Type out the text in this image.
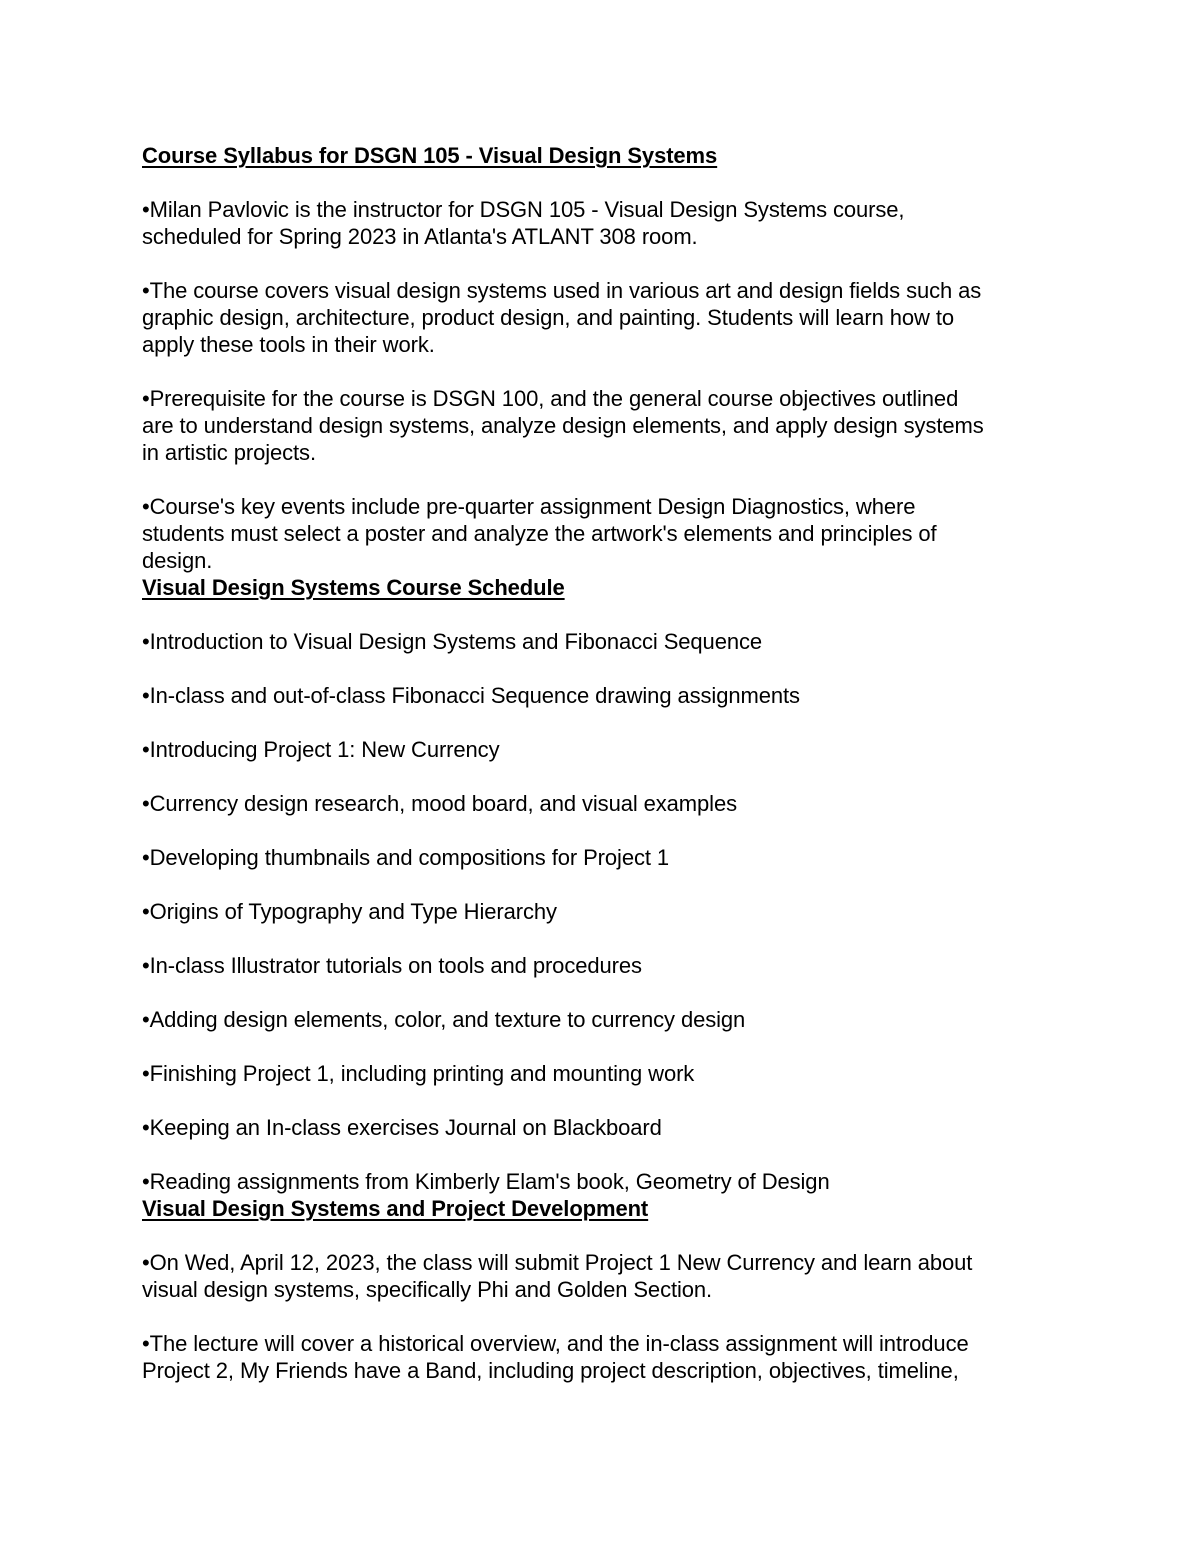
Course Syllabus for DSGN 105 - Visual Design Systems
•Milan Pavlovic is the instructor for DSGN 105 - Visual Design Systems course,
scheduled for Spring 2023 in Atlanta's ATLANT 308 room.
•The course covers visual design systems used in various art and design fields such as
graphic design, architecture, product design, and painting. Students will learn how to
apply these tools in their work.
•Prerequisite for the course is DSGN 100, and the general course objectives outlined
are to understand design systems, analyze design elements, and apply design systems
in artistic projects.
•Course's key events include pre-quarter assignment Design Diagnostics, where
students must select a poster and analyze the artwork's elements and principles of
design.
Visual Design Systems Course Schedule
•Introduction to Visual Design Systems and Fibonacci Sequence
•In-class and out-of-class Fibonacci Sequence drawing assignments
•Introducing Project 1: New Currency
•Currency design research, mood board, and visual examples
•Developing thumbnails and compositions for Project 1
•Origins of Typography and Type Hierarchy
•In-class Illustrator tutorials on tools and procedures
•Adding design elements, color, and texture to currency design
•Finishing Project 1, including printing and mounting work
•Keeping an In-class exercises Journal on Blackboard
•Reading assignments from Kimberly Elam's book, Geometry of Design
Visual Design Systems and Project Development
•On Wed, April 12, 2023, the class will submit Project 1 New Currency and learn about
visual design systems, specifically Phi and Golden Section.
•The lecture will cover a historical overview, and the in-class assignment will introduce
Project 2, My Friends have a Band, including project description, objectives, timeline,
